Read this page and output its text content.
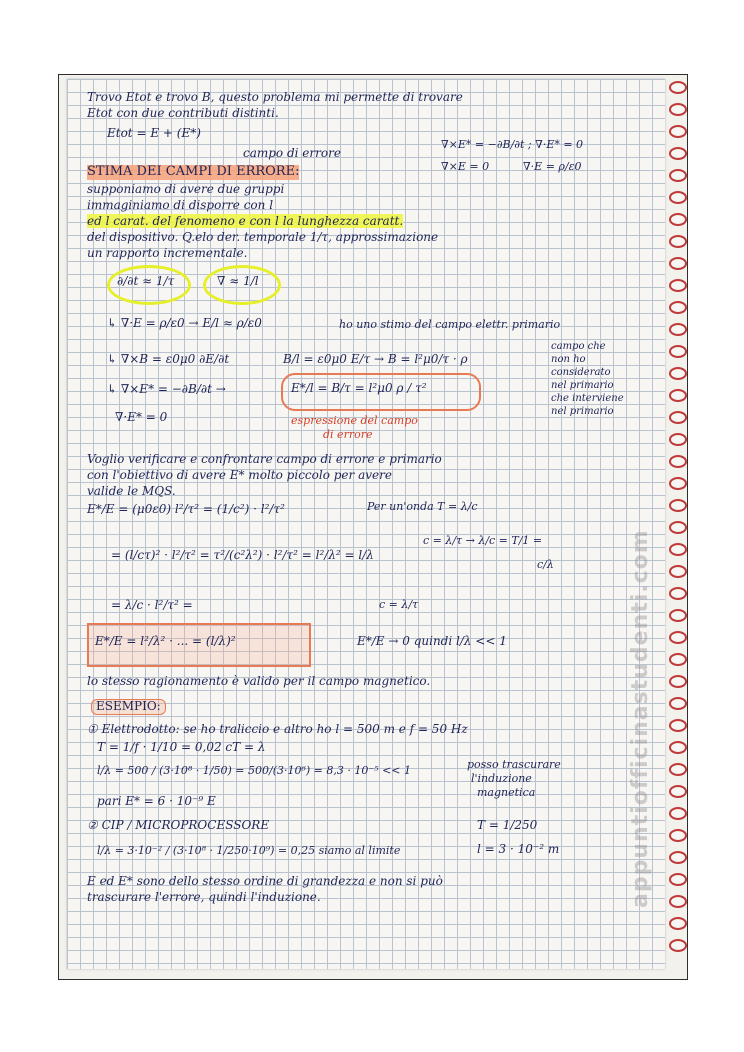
Trovo Etot e trovo B, questo problema mi permette di trovare
Etot con due contributi distinti.
Etot = E + (E*)
campo di errore
∇×E* = −∂B/∂t ; ∇·E* = 0
∇×E = 0	∇·E = ρ/ε0
STIMA DEI CAMPI DI ERRORE:
supponiamo di avere due gruppi
immaginiamo di disporre con l
ed l carat. del fenomeno e con l la lunghezza caratt.
del dispositivo. Q.elo der. temporale 1/τ, approssimazione
un rapporto incrementale.
∂/∂t ≈ 1/τ	∇ ≈ 1/l
↳ ∇·E = ρ/ε0 → E/l ≈ ρ/ε0	ho uno stimo del campo elettr. primario
↳ ∇×B = ε0μ0 ∂E/∂t	B/l = ε0μ0 E/τ → B = l²μ0/τ · ρ
campo che
non ho
considerato
nel primario
che interviene
nel primario
↳ ∇×E* = −∂B/∂t →	E*/l = B/τ = l²μ0 ρ / τ²
∇·E* = 0	espressione del campo
di errore
Voglio verificare e confrontare campo di errore e primario
con l'obiettivo di avere E* molto piccolo per avere
valide le MQS.
E*/E = (μ0ε0) l²/τ² = (1/c²) · l²/τ²	Per un'onda T = λ/c
= (l/cτ)² · l²/τ² = τ²/(c²λ²) · l²/τ² = l²/λ² = l/λ
c = λ/τ → λ/c = T/1 =
c/λ
= λ/c · l²/τ² =	c = λ/τ
E*/E = l²/λ² · ... = (l/λ)²	E*/E → 0 quindi l/λ << 1
lo stesso ragionamento è valido per il campo magnetico.
ESEMPIO:
① Elettrodotto: se ho traliccio e altro ho l = 500 m e f = 50 Hz
T = 1/f · 1/10 = 0,02 cT = λ
l/λ = 500 / (3·10⁸ · 1/50) = 500/(3·10⁶) = 8,3 · 10⁻⁵ << 1	posso trascurare
l'induzione
magnetica
pari E* = 6 · 10⁻⁹ E
② CIP / MICROPROCESSORE	T = 1/250
l/λ = 3·10⁻² / (3·10⁸ · 1/250·10⁹) = 0,25 siamo al limite	l = 3 · 10⁻² m
E ed E* sono dello stesso ordine di grandezza e non si può
trascurare l'errore, quindi l'induzione.	appuntiofficinastudenti.com
